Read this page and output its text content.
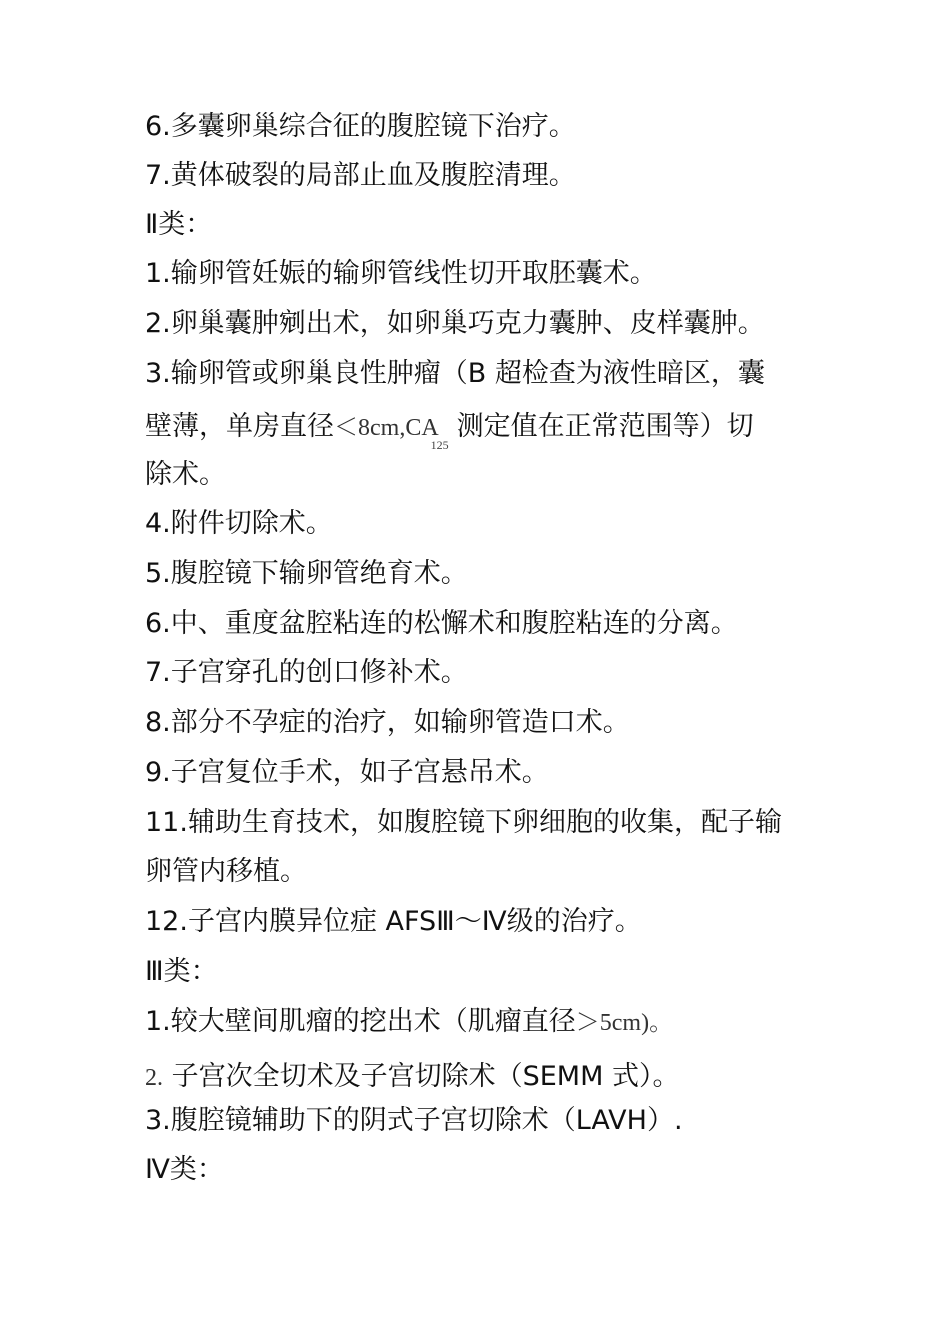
6.多囊卵巢综合征的腹腔镜下治疗。
7.黄体破裂的局部止血及腹腔清理。
Ⅱ类：
1.输卵管妊娠的输卵管线性切开取胚囊术。
2.卵巢囊肿剜出术，如卵巢巧克力囊肿、皮样囊肿。
3.输卵管或卵巢良性肿瘤（B 超检查为液性暗区，囊
壁薄，单房直径$<8cm,CA_{125}$测定值在正常范围等）切
除术。
4.附件切除术。
5.腹腔镜下输卵管绝育术。
6.中、重度盆腔粘连的松懈术和腹腔粘连的分离。
7.子宫穿孔的创口修补术。
8.部分不孕症的治疗，如输卵管造口术。
9.子宫复位手术，如子宫悬吊术。
11.辅助生育技术，如腹腔镜下卵细胞的收集，配子输
卵管内移植。
12.子宫内膜异位症 AFSⅢ～Ⅳ级的治疗。
Ⅲ类：
1.较大壁间肌瘤的挖出术（肌瘤直径＞5cm)。
2. 子宫次全切术及子宫切除术（SEMM 式）。
3.腹腔镜辅助下的阴式子宫切除术（LAVH）.
Ⅳ类：
